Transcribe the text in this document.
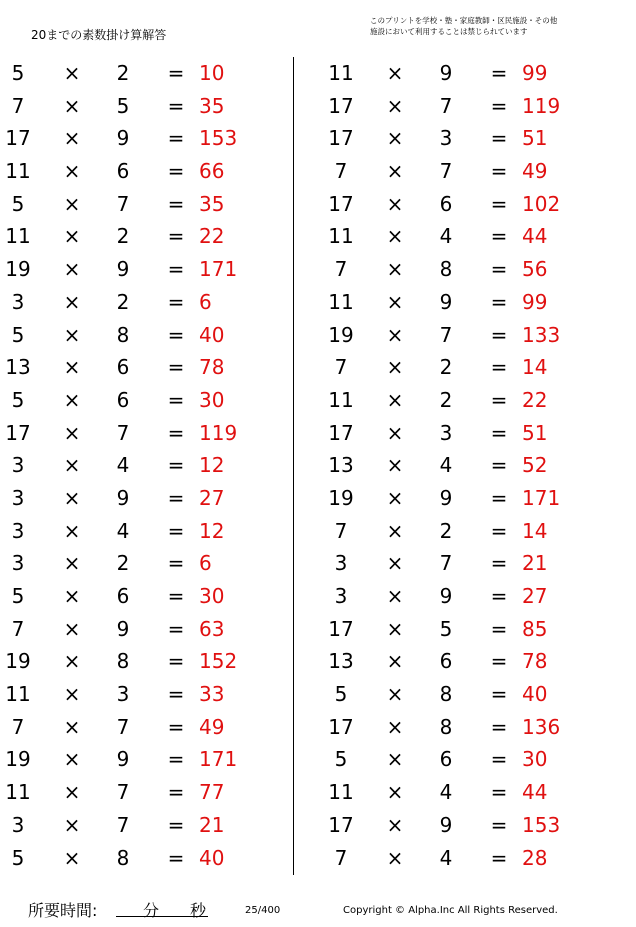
20までの素数掛け算解答
このプリントを学校・塾・家庭教師・区民施設・その他
施設において利用することは禁じられています
5	× 2 = 10
7	× 5 = 35
17 × 9 = 153
11 × 6 = 66
5	× 7 = 35
11 × 2 = 22
19 × 9 = 171
3	× 2 = 6
5	× 8 = 40
13 × 6 = 78
5	× 6 = 30
17 × 7 = 119
3	× 4 = 12
3	× 9 = 27
3	× 4 = 12
3	× 2 = 6
5	× 6 = 30
7	× 9 = 63
19 × 8 = 152
11 × 3 = 33
7	× 7 = 49
19 × 9 = 171
11 × 7 = 77
3	× 7 = 21
5	× 8 = 40
11 × 9 = 99
17 × 7 = 119
17 × 3 = 51
7	× 7 = 49
17 × 6 = 102
11 × 4 = 44
7	× 8 = 56
11 × 9 = 99
19 × 7 = 133
7	× 2 = 14
11 × 2 = 22
17 × 3 = 51
13 × 4 = 52
19 × 9 = 171
7	× 2 = 14
3	× 7 = 21
3	× 9 = 27
17 × 5 = 85
13 × 6 = 78
5	× 8 = 40
17 × 8 = 136
5	× 6 = 30
11 × 4 = 44
17 × 9 = 153
7	× 4 = 28
所要時間:	分 秒	25/400	Copyright © Alpha.Inc All Rights Reserved.
